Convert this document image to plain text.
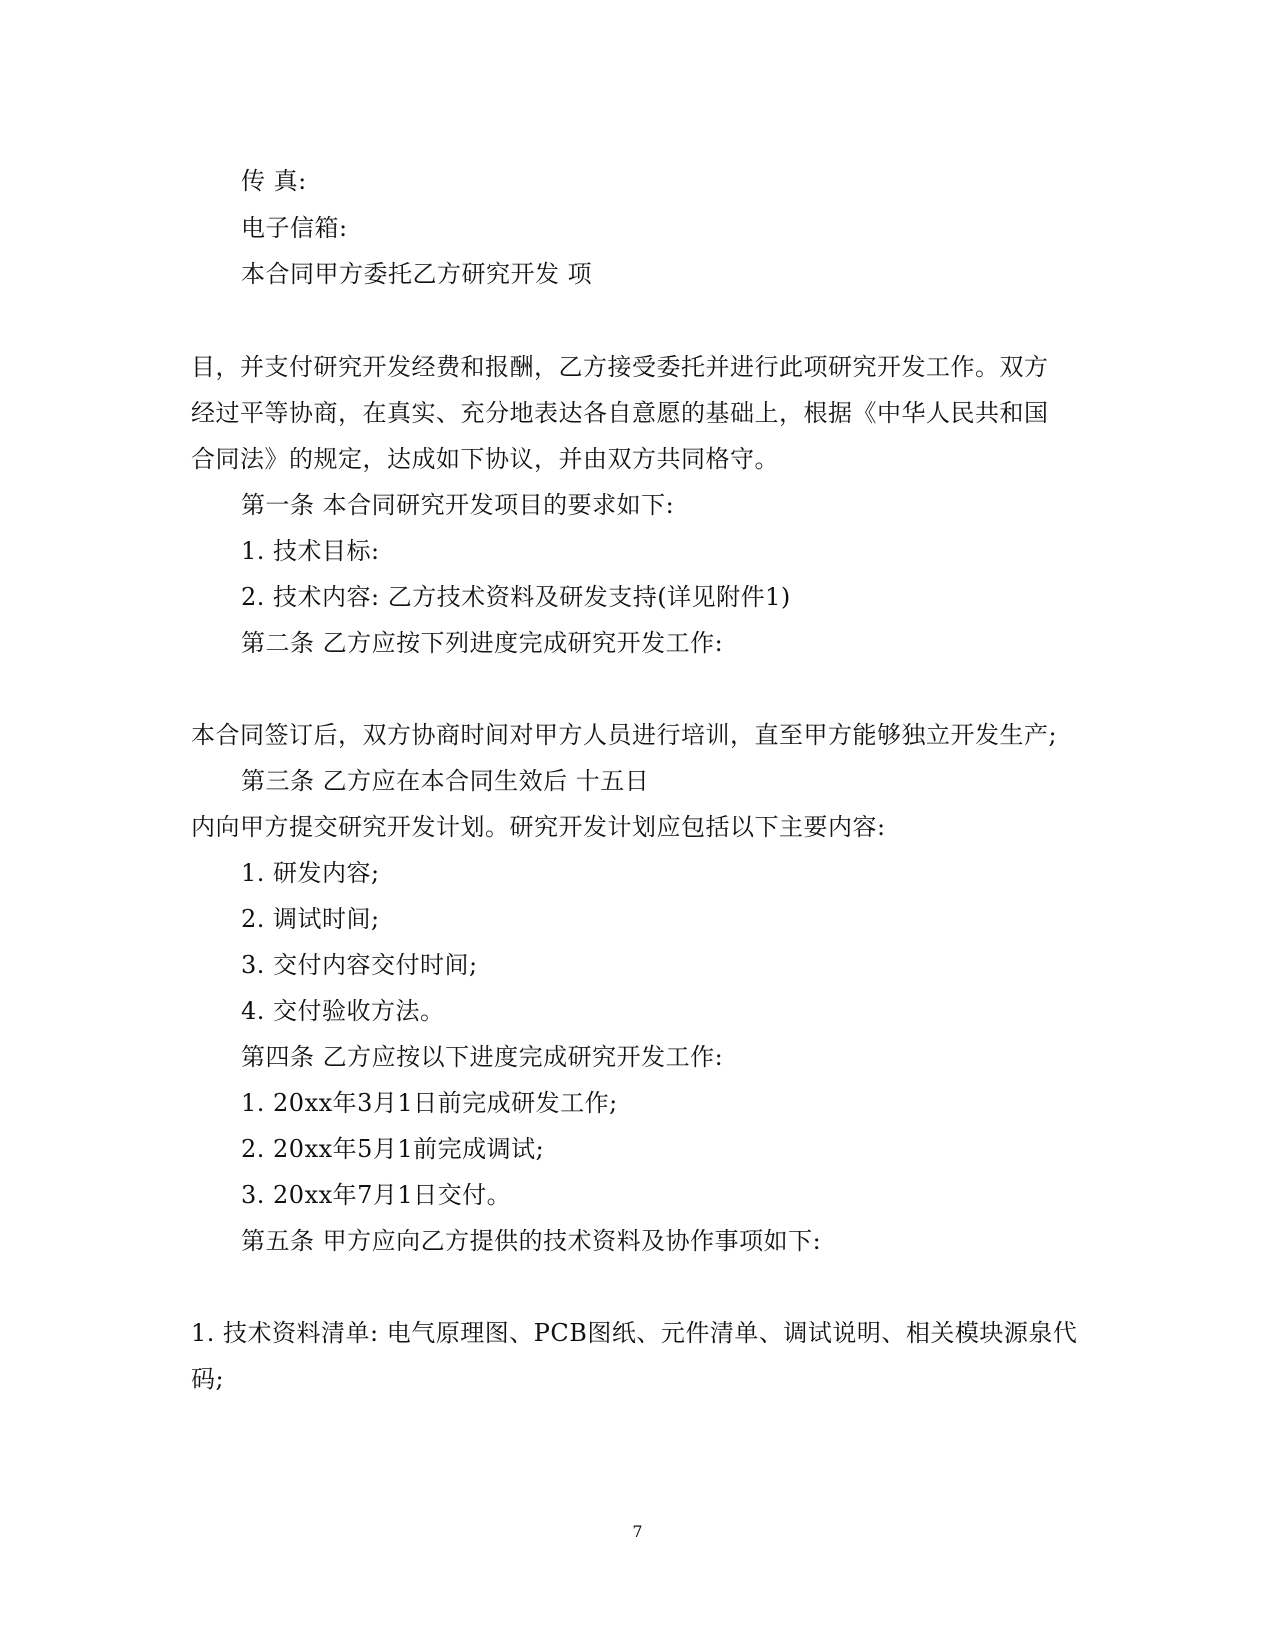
传 真:
电子信箱:
本合同甲方委托乙方研究开发 项
目，并支付研究开发经费和报酬，乙方接受委托并进行此项研究开发工作。双方
经过平等协商，在真实、充分地表达各自意愿的基础上，根据《中华人民共和国
合同法》的规定，达成如下协议，并由双方共同格守。
第一条 本合同研究开发项目的要求如下:
1. 技术目标:
2. 技术内容: 乙方技术资料及研发支持(详见附件1)
第二条 乙方应按下列进度完成研究开发工作:
本合同签订后，双方协商时间对甲方人员进行培训，直至甲方能够独立开发生产;
第三条 乙方应在本合同生效后 十五日
内向甲方提交研究开发计划。研究开发计划应包括以下主要内容:
1. 研发内容;
2. 调试时间;
3. 交付内容交付时间;
4. 交付验收方法。
第四条 乙方应按以下进度完成研究开发工作:
1. 20xx年3月1日前完成研发工作;
2. 20xx年5月1前完成调试;
3. 20xx年7月1日交付。
第五条 甲方应向乙方提供的技术资料及协作事项如下:
1. 技术资料清单: 电气原理图、PCB图纸、元件清单、调试说明、相关模块源泉代
码;
7
